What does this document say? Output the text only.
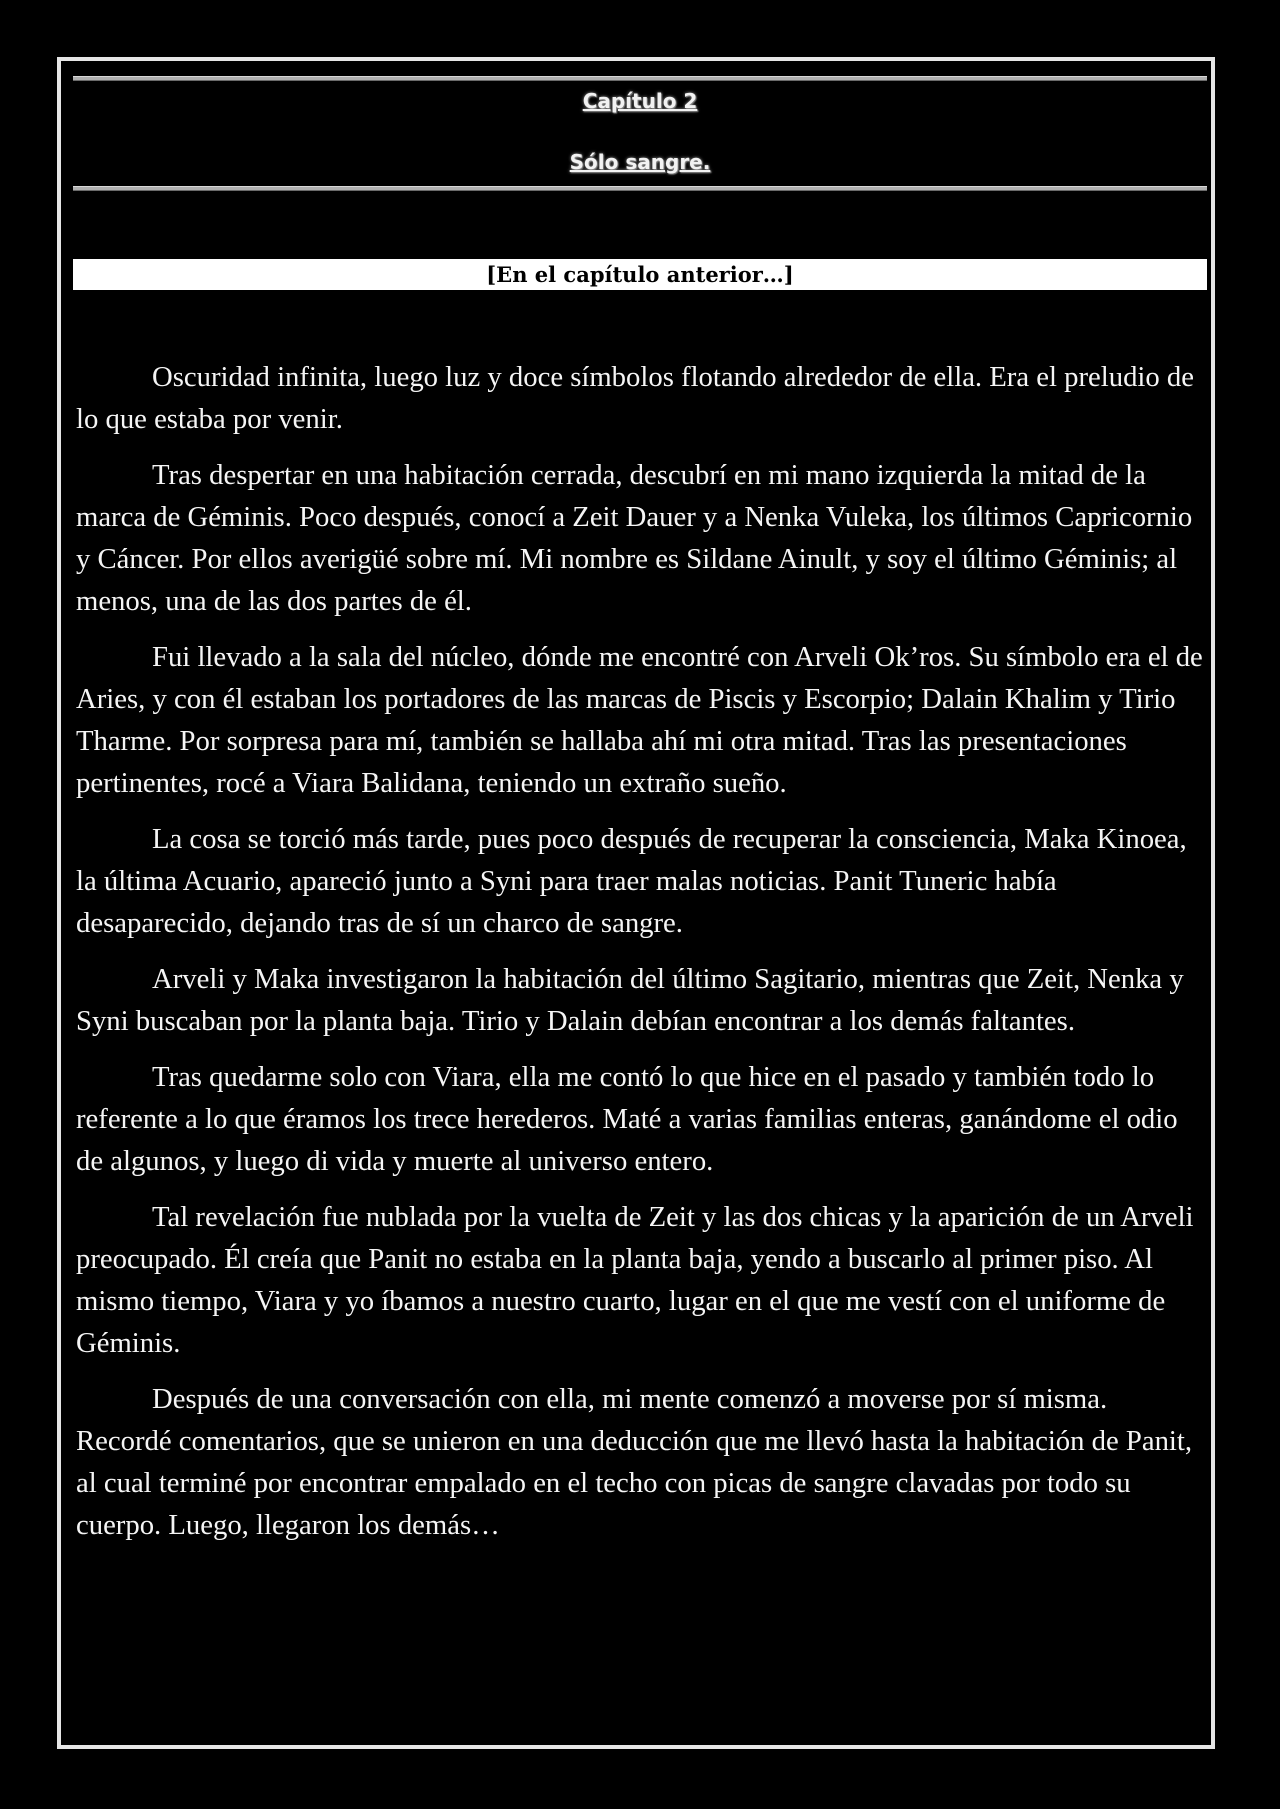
Capítulo 2
Sólo sangre.
[En el capítulo anterior…]

Oscuridad infinita, luego luz y doce símbolos flotando alrededor de ella. Era el preludio de lo que estaba por venir.

Tras despertar en una habitación cerrada, descubrí en mi mano izquierda la mitad de la marca de Géminis. Poco después, conocí a Zeit Dauer y a Nenka Vuleka, los últimos Capricornio y Cáncer. Por ellos averigüé sobre mí. Mi nombre es Sildane Ainult, y soy el último Géminis; al menos, una de las dos partes de él.

Fui llevado a la sala del núcleo, dónde me encontré con Arveli Ok’ros. Su símbolo era el de Aries, y con él estaban los portadores de las marcas de Piscis y Escorpio; Dalain Khalim y Tirio Tharme. Por sorpresa para mí, también se hallaba ahí mi otra mitad. Tras las presentaciones pertinentes, rocé a Viara Balidana, teniendo un extraño sueño.

La cosa se torció más tarde, pues poco después de recuperar la consciencia, Maka Kinoea, la última Acuario, apareció junto a Syni para traer malas noticias. Panit Tuneric había desaparecido, dejando tras de sí un charco de sangre.

Arveli y Maka investigaron la habitación del último Sagitario, mientras que Zeit, Nenka y Syni buscaban por la planta baja. Tirio y Dalain debían encontrar a los demás faltantes.

Tras quedarme solo con Viara, ella me contó lo que hice en el pasado y también todo lo referente a lo que éramos los trece herederos. Maté a varias familias enteras, ganándome el odio de algunos, y luego di vida y muerte al universo entero.

Tal revelación fue nublada por la vuelta de Zeit y las dos chicas y la aparición de un Arveli preocupado. Él creía que Panit no estaba en la planta baja, yendo a buscarlo al primer piso. Al mismo tiempo, Viara y yo íbamos a nuestro cuarto, lugar en el que me vestí con el uniforme de Géminis.

Después de una conversación con ella, mi mente comenzó a moverse por sí misma. Recordé comentarios, que se unieron en una deducción que me llevó hasta la habitación de Panit, al cual terminé por encontrar empalado en el techo con picas de sangre clavadas por todo su cuerpo. Luego, llegaron los demás…
